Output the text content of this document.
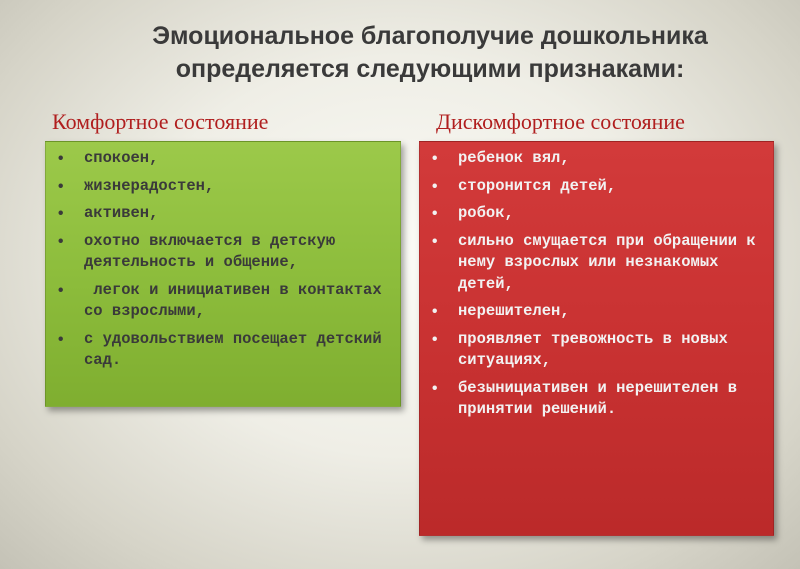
Эмоциональное благополучие дошкольника
определяется следующими признаками:
Комфортное состояние	Дискомфортное состояние
• спокоен,
• жизнерадостен,
• активен,
• охотно включается в детскую деятельность и общение,
• легок и инициативен в контактах со взрослыми,
• с удовольствием посещает детский сад.
• ребенок вял,
• сторонится детей,
• робок,
• сильно смущается при обращении к нему взрослых или незнакомых детей,
• нерешителен,
• проявляет тревожность в новых ситуациях,
• безынициативен и нерешителен в принятии решений.
